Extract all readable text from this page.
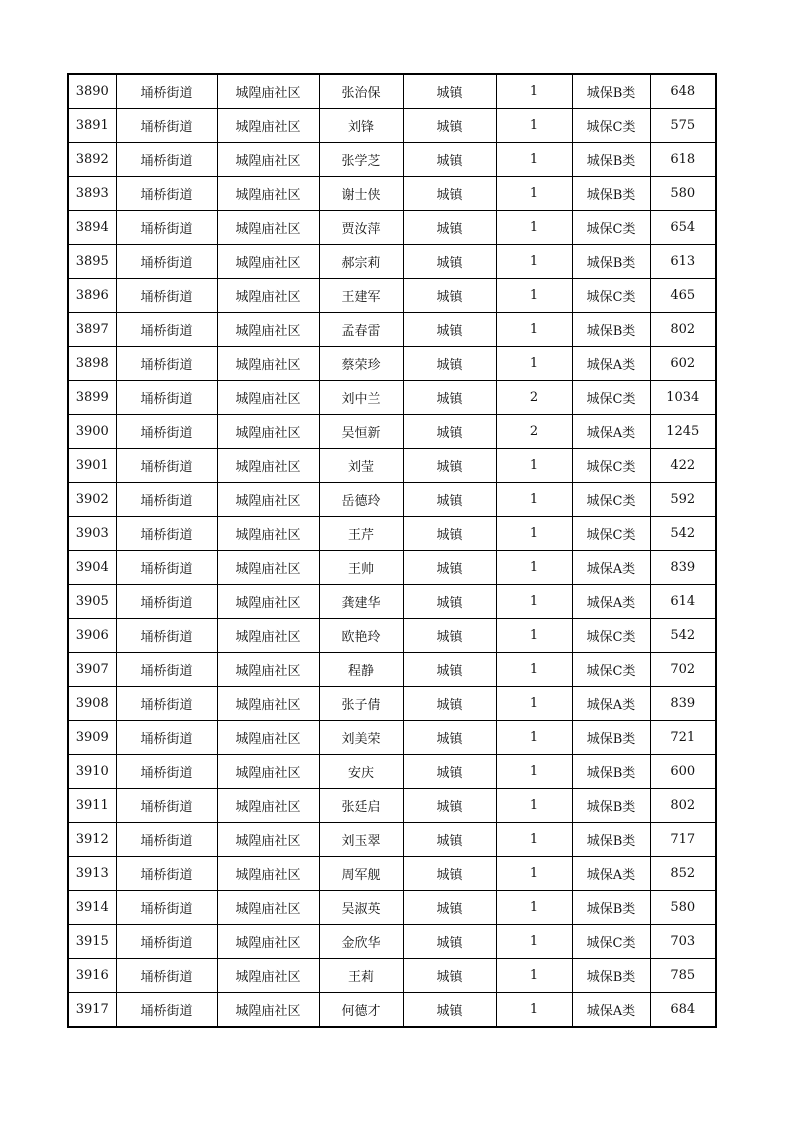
3890	埇桥街道	城隍庙社区	张治保	城镇	1	城保B类	648
3891	埇桥街道	城隍庙社区	刘锋	城镇	1	城保C类	575
3892	埇桥街道	城隍庙社区	张学芝	城镇	1	城保B类	618
3893	埇桥街道	城隍庙社区	谢士侠	城镇	1	城保B类	580
3894	埇桥街道	城隍庙社区	贾汝萍	城镇	1	城保C类	654
3895	埇桥街道	城隍庙社区	郝宗莉	城镇	1	城保B类	613
3896	埇桥街道	城隍庙社区	王建军	城镇	1	城保C类	465
3897	埇桥街道	城隍庙社区	孟春雷	城镇	1	城保B类	802
3898	埇桥街道	城隍庙社区	蔡荣珍	城镇	1	城保A类	602
3899	埇桥街道	城隍庙社区	刘中兰	城镇	2	城保C类	1034
3900	埇桥街道	城隍庙社区	吴恒新	城镇	2	城保A类	1245
3901	埇桥街道	城隍庙社区	刘莹	城镇	1	城保C类	422
3902	埇桥街道	城隍庙社区	岳德玲	城镇	1	城保C类	592
3903	埇桥街道	城隍庙社区	王芹	城镇	1	城保C类	542
3904	埇桥街道	城隍庙社区	王帅	城镇	1	城保A类	839
3905	埇桥街道	城隍庙社区	龚建华	城镇	1	城保A类	614
3906	埇桥街道	城隍庙社区	欧艳玲	城镇	1	城保C类	542
3907	埇桥街道	城隍庙社区	程静	城镇	1	城保C类	702
3908	埇桥街道	城隍庙社区	张子倩	城镇	1	城保A类	839
3909	埇桥街道	城隍庙社区	刘美荣	城镇	1	城保B类	721
3910	埇桥街道	城隍庙社区	安庆	城镇	1	城保B类	600
3911	埇桥街道	城隍庙社区	张廷启	城镇	1	城保B类	802
3912	埇桥街道	城隍庙社区	刘玉翠	城镇	1	城保B类	717
3913	埇桥街道	城隍庙社区	周军舰	城镇	1	城保A类	852
3914	埇桥街道	城隍庙社区	吴淑英	城镇	1	城保B类	580
3915	埇桥街道	城隍庙社区	金欣华	城镇	1	城保C类	703
3916	埇桥街道	城隍庙社区	王莉	城镇	1	城保B类	785
3917	埇桥街道	城隍庙社区	何德才	城镇	1	城保A类	684
